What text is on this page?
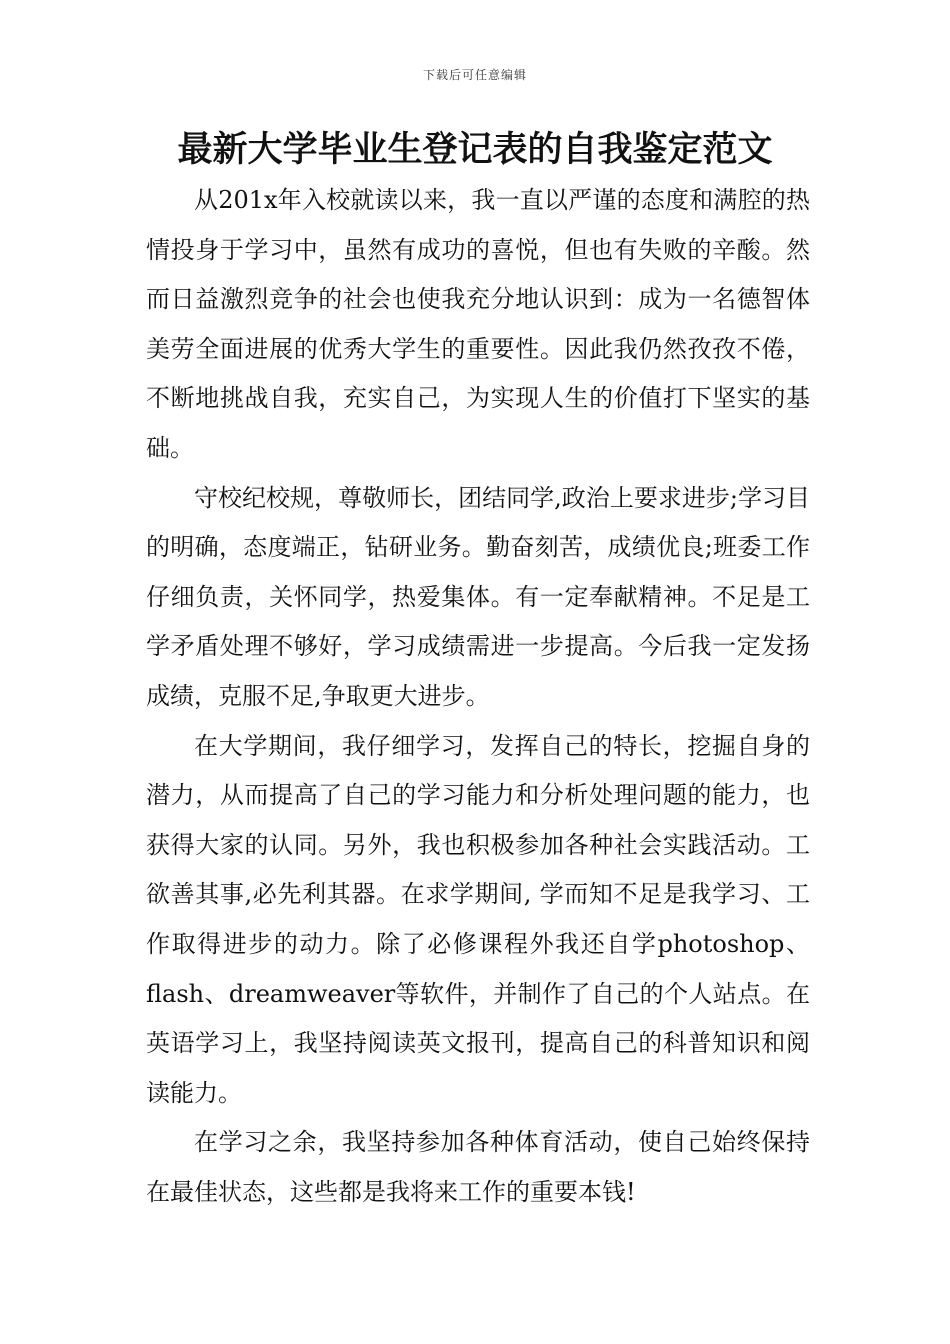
下载后可任意编辑
最新大学毕业生登记表的自我鉴定范文

从201x年入校就读以来，我一直以严谨的态度和满腔的热情投身于学习中，虽然有成功的喜悦，但也有失败的辛酸。然而日益激烈竞争的社会也使我充分地认识到：成为一名德智体美劳全面进展的优秀大学生的重要性。因此我仍然孜孜不倦，不断地挑战自我，充实自己，为实现人生的价值打下坚实的基础。

守校纪校规，尊敬师长，团结同学,政治上要求进步;学习目的明确，态度端正，钻研业务。勤奋刻苦，成绩优良;班委工作仔细负责，关怀同学，热爱集体。有一定奉献精神。不足是工学矛盾处理不够好，学习成绩需进一步提高。今后我一定发扬成绩，克服不足,争取更大进步。

在大学期间，我仔细学习，发挥自己的特长，挖掘自身的潜力，从而提高了自己的学习能力和分析处理问题的能力，也获得大家的认同。另外，我也积极参加各种社会实践活动。工欲善其事,必先利其器。在求学期间, 学而知不足是我学习、工作取得进步的动力。除了必修课程外我还自学photoshop、flash、dreamweaver等软件，并制作了自己的个人站点。在英语学习上，我坚持阅读英文报刊，提高自己的科普知识和阅读能力。

在学习之余，我坚持参加各种体育活动，使自己始终保持在最佳状态，这些都是我将来工作的重要本钱!
